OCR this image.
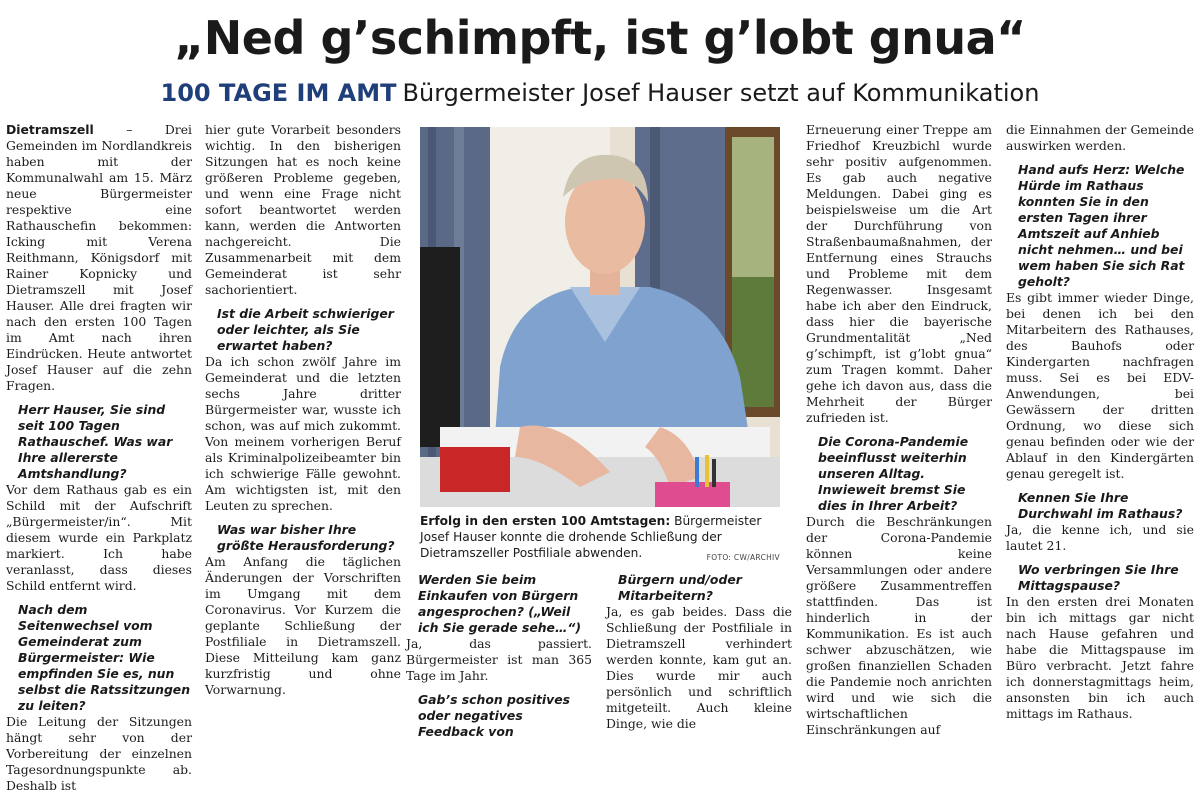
„Ned g’schimpft, ist g’lobt gnua“
100 TAGE IM AMT Bürgermeister Josef Hauser setzt auf Kommunikation

Dietramszell – Drei Gemeinden im Nordlandkreis haben mit der Kommunalwahl am 15. März neue Bürgermeister respektive eine Rathauschefin bekommen: Icking mit Verena Reithmann, Königsdorf mit Rainer Kopnicky und Dietramszell mit Josef Hauser. Alle drei fragten wir nach den ersten 100 Tagen im Amt nach ihren Eindrücken. Heute antwortet Josef Hauser auf die zehn Fragen.

Herr Hauser, Sie sind seit 100 Tagen Rathauschef. Was war Ihre allererste Amtshandlung?

Vor dem Rathaus gab es ein Schild mit der Aufschrift „Bürgermeister/in“. Mit diesem wurde ein Parkplatz markiert. Ich habe veranlasst, dass dieses Schild entfernt wird.

Nach dem Seitenwechsel vom Gemeinderat zum Bürgermeister: Wie empfinden Sie es, nun selbst die Ratssitzungen zu leiten?

Die Leitung der Sitzungen hängt sehr von der Vorbereitung der einzelnen Tagesordnungspunkte ab. Deshalb ist

hier gute Vorarbeit besonders wichtig. In den bisherigen Sitzungen hat es noch keine größeren Probleme gegeben, und wenn eine Frage nicht sofort beantwortet werden kann, werden die Antworten nachgereicht. Die Zusammenarbeit mit dem Gemeinderat ist sehr sachorientiert.

Ist die Arbeit schwieriger oder leichter, als Sie erwartet haben?

Da ich schon zwölf Jahre im Gemeinderat und die letzten sechs Jahre dritter Bürgermeister war, wusste ich schon, was auf mich zukommt. Von meinem vorherigen Beruf als Kriminalpolizeibeamter bin ich schwierige Fälle gewohnt. Am wichtigsten ist, mit den Leuten zu sprechen.

Was war bisher Ihre größte Herausforderung?

Am Anfang die täglichen Änderungen der Vorschriften im Umgang mit dem Coronavirus. Vor Kurzem die geplante Schließung der Postfiliale in Dietramszell. Diese Mitteilung kam ganz kurzfristig und ohne Vorwarnung.

Erfolg in den ersten 100 Amtstagen: Bürgermeister Josef Hauser konnte die drohende Schließung der Dietramszeller Postfiliale abwenden.	FOTO: CW/ARCHIV

Werden Sie beim Einkaufen von Bürgern angesprochen? („Weil ich Sie gerade sehe…“)

Ja, das passiert. Bürgermeister ist man 365 Tage im Jahr.

Gab’s schon positives oder negatives Feedback von

Bürgern und/oder Mitarbeitern?

Ja, es gab beides. Dass die Schließung der Postfiliale in Dietramszell verhindert werden konnte, kam gut an. Dies wurde mir auch persönlich und schriftlich mitgeteilt. Auch kleine Dinge, wie die

Erneuerung einer Treppe am Friedhof Kreuzbichl wurde sehr positiv aufgenommen. Es gab auch negative Meldungen. Dabei ging es beispielsweise um die Art der Durchführung von Straßenbaumaßnahmen, der Entfernung eines Strauchs und Probleme mit dem Regenwasser. Insgesamt habe ich aber den Eindruck, dass hier die bayerische Grundmentalität „Ned g’schimpft, ist g’lobt gnua“ zum Tragen kommt. Daher gehe ich davon aus, dass die Mehrheit der Bürger zufrieden ist.

Die Corona-Pandemie beeinflusst weiterhin unseren Alltag. Inwieweit bremst Sie dies in Ihrer Arbeit?

Durch die Beschränkungen der Corona-Pandemie können keine Versammlungen oder andere größere Zusammentreffen stattfinden. Das ist hinderlich in der Kommunikation. Es ist auch schwer abzuschätzen, wie großen finanziellen Schaden die Pandemie noch anrichten wird und wie sich die wirtschaftlichen Einschränkungen auf

die Einnahmen der Gemeinde auswirken werden.

Hand aufs Herz: Welche Hürde im Rathaus konnten Sie in den ersten Tagen ihrer Amtszeit auf Anhieb nicht nehmen… und bei wem haben Sie sich Rat geholt?

Es gibt immer wieder Dinge, bei denen ich bei den Mitarbeitern des Rathauses, des Bauhofs oder Kindergarten nachfragen muss. Sei es bei EDV-Anwendungen, bei Gewässern der dritten Ordnung, wo diese sich genau befinden oder wie der Ablauf in den Kindergärten genau geregelt ist.

Kennen Sie Ihre Durchwahl im Rathaus?

Ja, die kenne ich, und sie lautet 21.

Wo verbringen Sie Ihre Mittagspause?

In den ersten drei Monaten bin ich mittags gar nicht nach Hause gefahren und habe die Mittagspause im Büro verbracht. Jetzt fahre ich donnerstagmittags heim, ansonsten bin ich auch mittags im Rathaus.
